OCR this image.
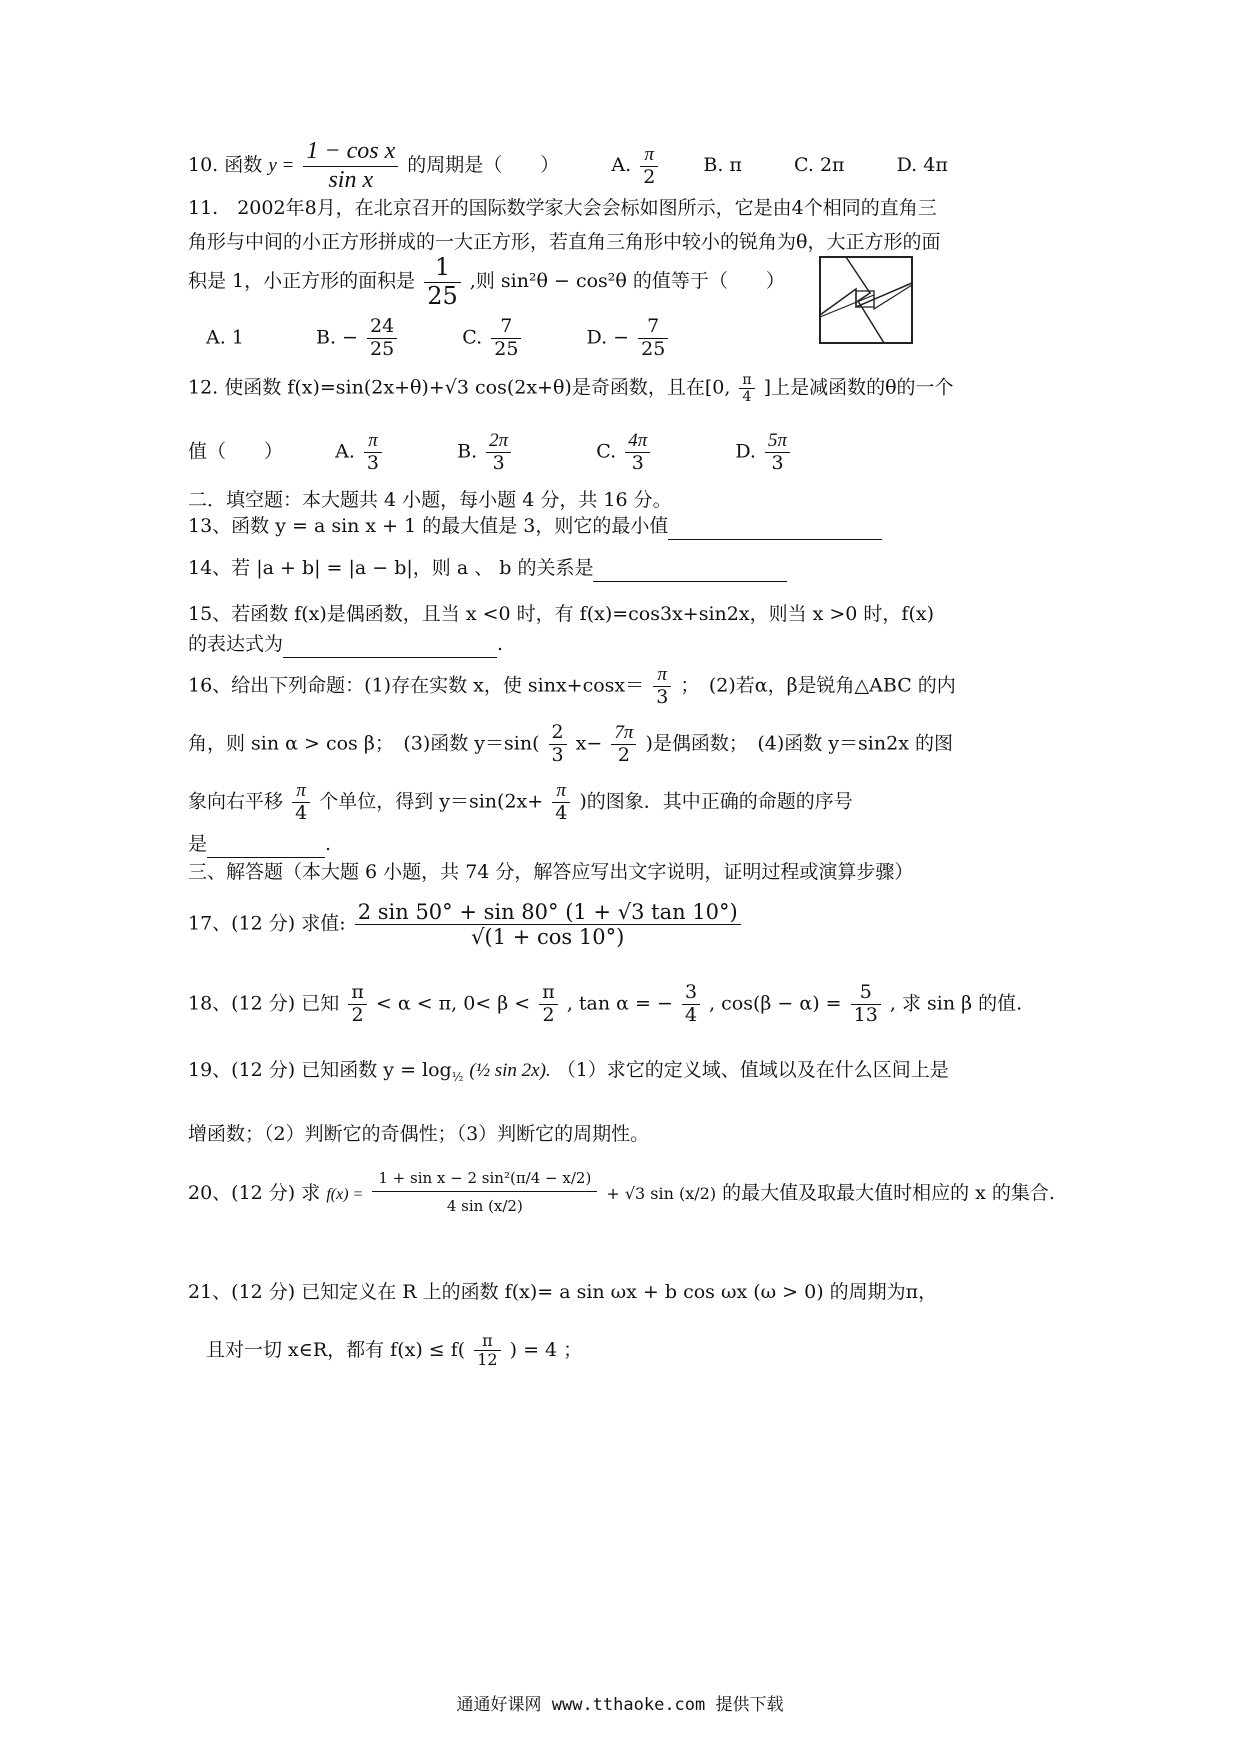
10. 函数 $y = \frac{\text{1 − cos x}}{\text{sin x}}$ 的周期是（　　）	A. $\frac{\pi}{2} B$. π	C. 2π	D. 4π
11.　2002年8月，在北京召开的国际数学家大会会标如图所示，它是由4个相同的直角三
角形与中间的小正方形拼成的一大正方形，若直角三角形中较小的锐角为θ，大正方形的面
积是 1，小正方形的面积是 $\frac{1}{25}$ ,则 sin²θ − cos²θ 的值等于（　　）
A. 1	B. − $\frac{24}{25}$	C. $\frac{7}{25}$	D. − $\frac{7}{25}$
12. 使函数 f(x)=sin(2x+θ)+√3 cos(2x+θ)是奇函数，且在[0, $\frac{\pi}{4}$ ]上是减函数的θ的一个
值（　　）	A. $\frac{\pi}{3}$	B. $\frac{2\pi}{3}$	C. $\frac{4\pi}{3}$	D. $\frac{5\pi}{3}$
二．填空题：本大题共 4 小题，每小题 4 分，共 16 分。
13、函数 y = a sin x + 1 的最大值是 3，则它的最小值
14、若 |a + b| = |a − b|，则 a 、 b 的关系是
15、若函数 f(x)是偶函数，且当 x <0 时，有 f(x)=cos3x+sin2x，则当 x >0 时，f(x)
的表达式为	.
16、给出下列命题：(1)存在实数 x，使 $\sin x+\cos x= \frac{\pi}{3}$ ；　(2)若α，β是锐角△ABC 的内
角，则 sin α > cos β；　(3)函数 $y=\sin( \frac{2}{3} x- \frac{7\pi}{2}$ )是偶函数；　(4)函数 y＝sin2x 的图
象向右平移 $\frac{\pi}{4}$ 个单位，得到 $y=\sin(2x+ \frac{\pi}{4}$ )的图象．其中正确的命题的序号
是	.
三、解答题（本大题 6 小题，共 74 分，解答应写出文字说明，证明过程或演算步骤）
17、(12 分) 求值: $\frac{2 \sin 50^\circ + \sin 80^\circ (1 + √3 \tan 10^\circ)}{√(1 + \cos 10^\circ)}$
18、(12 分) 已知 $\frac{\pi}{2} < \alpha < \pi$, $0< \beta < \frac{\pi}{2}$ , tan α = − $\frac{3}{4}$ , $\cos(\beta - \alpha) = \frac{5}{13}$ , 求 sin β 的值.
19、(12 分) 已知函数 $y = \log_{\frac{1}{2}}$ (½ sin 2x). （1）求它的定义域、值域以及在什么区间上是
增函数；（2）判断它的奇偶性；（3）判断它的周期性。
20、(12 分) 求 $f(x) = \frac{\text{1 + sin x − 2 sin²(π/4 − x/2)}}{4 \sin (x/2)} + √3$ sin (x/2) 的最大值及取最大值时相应的 x 的集合.
21、(12 分) 已知定义在 R 上的函数 f(x)= a sin ωx + b cos ωx (ω > 0) 的周期为π，
且对一切 x∈R，都有 $f(x) \le f( \frac{\pi}{12}$ ) = 4 ；
通通好课网 www.tthaoke.com 提供下载
